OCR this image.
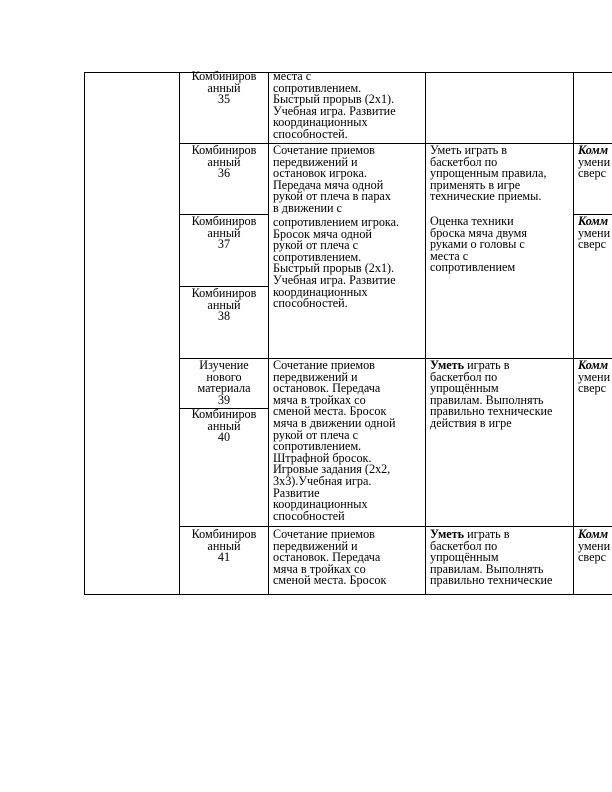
Комбиниров
анный
35
места с
сопротивлением.
Быстрый прорыв (2х1).
Учебная игра. Развитие
координационных
способностей.
Комбиниров
анный
36
Сочетание приемов
передвижений и
остановок игрока.
Передача мяча одной
рукой от плеча в парах
в движении с
Уметь играть в
баскетбол по
упрощенным правила,
применять в игре
технические приемы.
Комм
умени
сверс
Комбиниров
анный
37
сопротивлением игрока.
Бросок мяча одной
рукой от плеча с
сопротивлением.
Быстрый прорыв (2х1).
Учебная игра. Развитие
координационных
способностей.
Оценка техники
броска мяча двумя
руками о головы с
места с
сопротивлением
Комм
умени
сверс
Комбиниров
анный
38
Изучение
нового
материала
39
Сочетание приемов
передвижений и
остановок. Передача
мяча в тройках со
сменой места. Бросок
мяча в движении одной
рукой от плеча с
сопротивлением.
Штрафной бросок.
Игровые задания (2х2,
3х3).Учебная игра.
Развитие
координационных
способностей
Уметь играть в
баскетбол по
упрощённым
правилам. Выполнять
правильно технические
действия в игре
Комм
умени
сверс
Комбиниров
анный
40
Комбиниров
анный
41
Сочетание приемов
передвижений и
остановок. Передача
мяча в тройках со
сменой места. Бросок
Уметь играть в
баскетбол по
упрощённым
правилам. Выполнять
правильно технические
Комм
умени
сверс
